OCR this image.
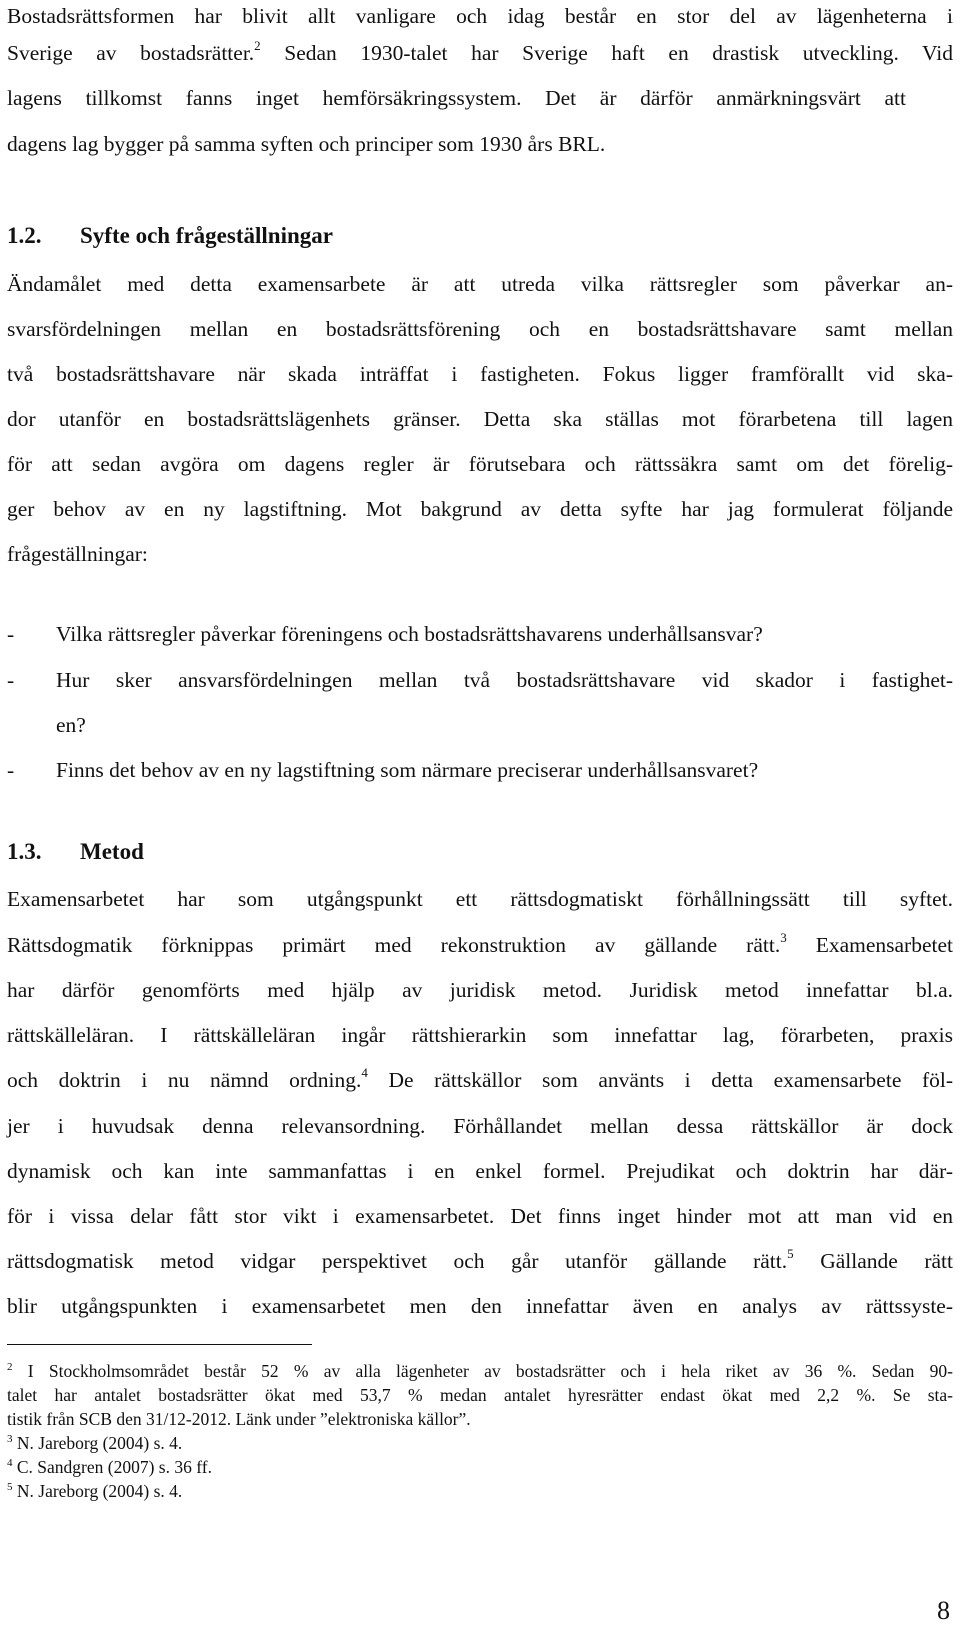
Bostadsrättsformen har blivit allt vanligare och idag består en stor del av lägenheterna i
Sverige av bostadsrätter.$^2$ Sedan 1930-talet har Sverige haft en drastisk utveckling. Vid
lagens tillkomst fanns inget hemförsäkringssystem. Det är därför anmärkningsvärt att
dagens lag bygger på samma syften och principer som 1930 års BRL.
1.2. Syfte och frågeställningar
Ändamålet med detta examensarbete är att utreda vilka rättsregler som påverkar an-
svarsfördelningen mellan en bostadsrättsförening och en bostadsrättshavare samt mellan
två bostadsrättshavare när skada inträffat i fastigheten. Fokus ligger framförallt vid ska-
dor utanför en bostadsrättslägenhets gränser. Detta ska ställas mot förarbetena till lagen
för att sedan avgöra om dagens regler är förutsebara och rättssäkra samt om det förelig-
ger behov av en ny lagstiftning. Mot bakgrund av detta syfte har jag formulerat följande
frågeställningar:
- Vilka rättsregler påverkar föreningens och bostadsrättshavarens underhållsansvar?
- Hur sker ansvarsfördelningen mellan två bostadsrättshavare vid skador i fastighet-
en?
- Finns det behov av en ny lagstiftning som närmare preciserar underhållsansvaret?
1.3. Metod
Examensarbetet har som utgångspunkt ett rättsdogmatiskt förhållningssätt till syftet.
Rättsdogmatik förknippas primärt med rekonstruktion av gällande rätt.$^3$ Examensarbetet
har därför genomförts med hjälp av juridisk metod. Juridisk metod innefattar bl.a.
rättskälleläran. I rättskälleläran ingår rättshierarkin som innefattar lag, förarbeten, praxis
och doktrin i nu nämnd ordning.$^4$ De rättskällor som använts i detta examensarbete föl-
jer i huvudsak denna relevansordning. Förhållandet mellan dessa rättskällor är dock
dynamisk och kan inte sammanfattas i en enkel formel. Prejudikat och doktrin har där-
för i vissa delar fått stor vikt i examensarbetet. Det finns inget hinder mot att man vid en
rättsdogmatisk metod vidgar perspektivet och går utanför gällande rätt.$^5$ Gällande rätt
blir utgångspunkten i examensarbetet men den innefattar även en analys av rättssyste-
$^2$ I Stockholmsområdet består 52 % av alla lägenheter av bostadsrätter och i hela riket av 36 %. Sedan 90-
talet har antalet bostadsrätter ökat med 53,7 % medan antalet hyresrätter endast ökat med 2,2 %. Se sta-
tistik från SCB den 31/12-2012. Länk under ”elektroniska källor”.
$^3$ N. Jareborg (2004) s. 4.
$^4$ C. Sandgren (2007) s. 36 ff.
$^5$ N. Jareborg (2004) s. 4.
8
